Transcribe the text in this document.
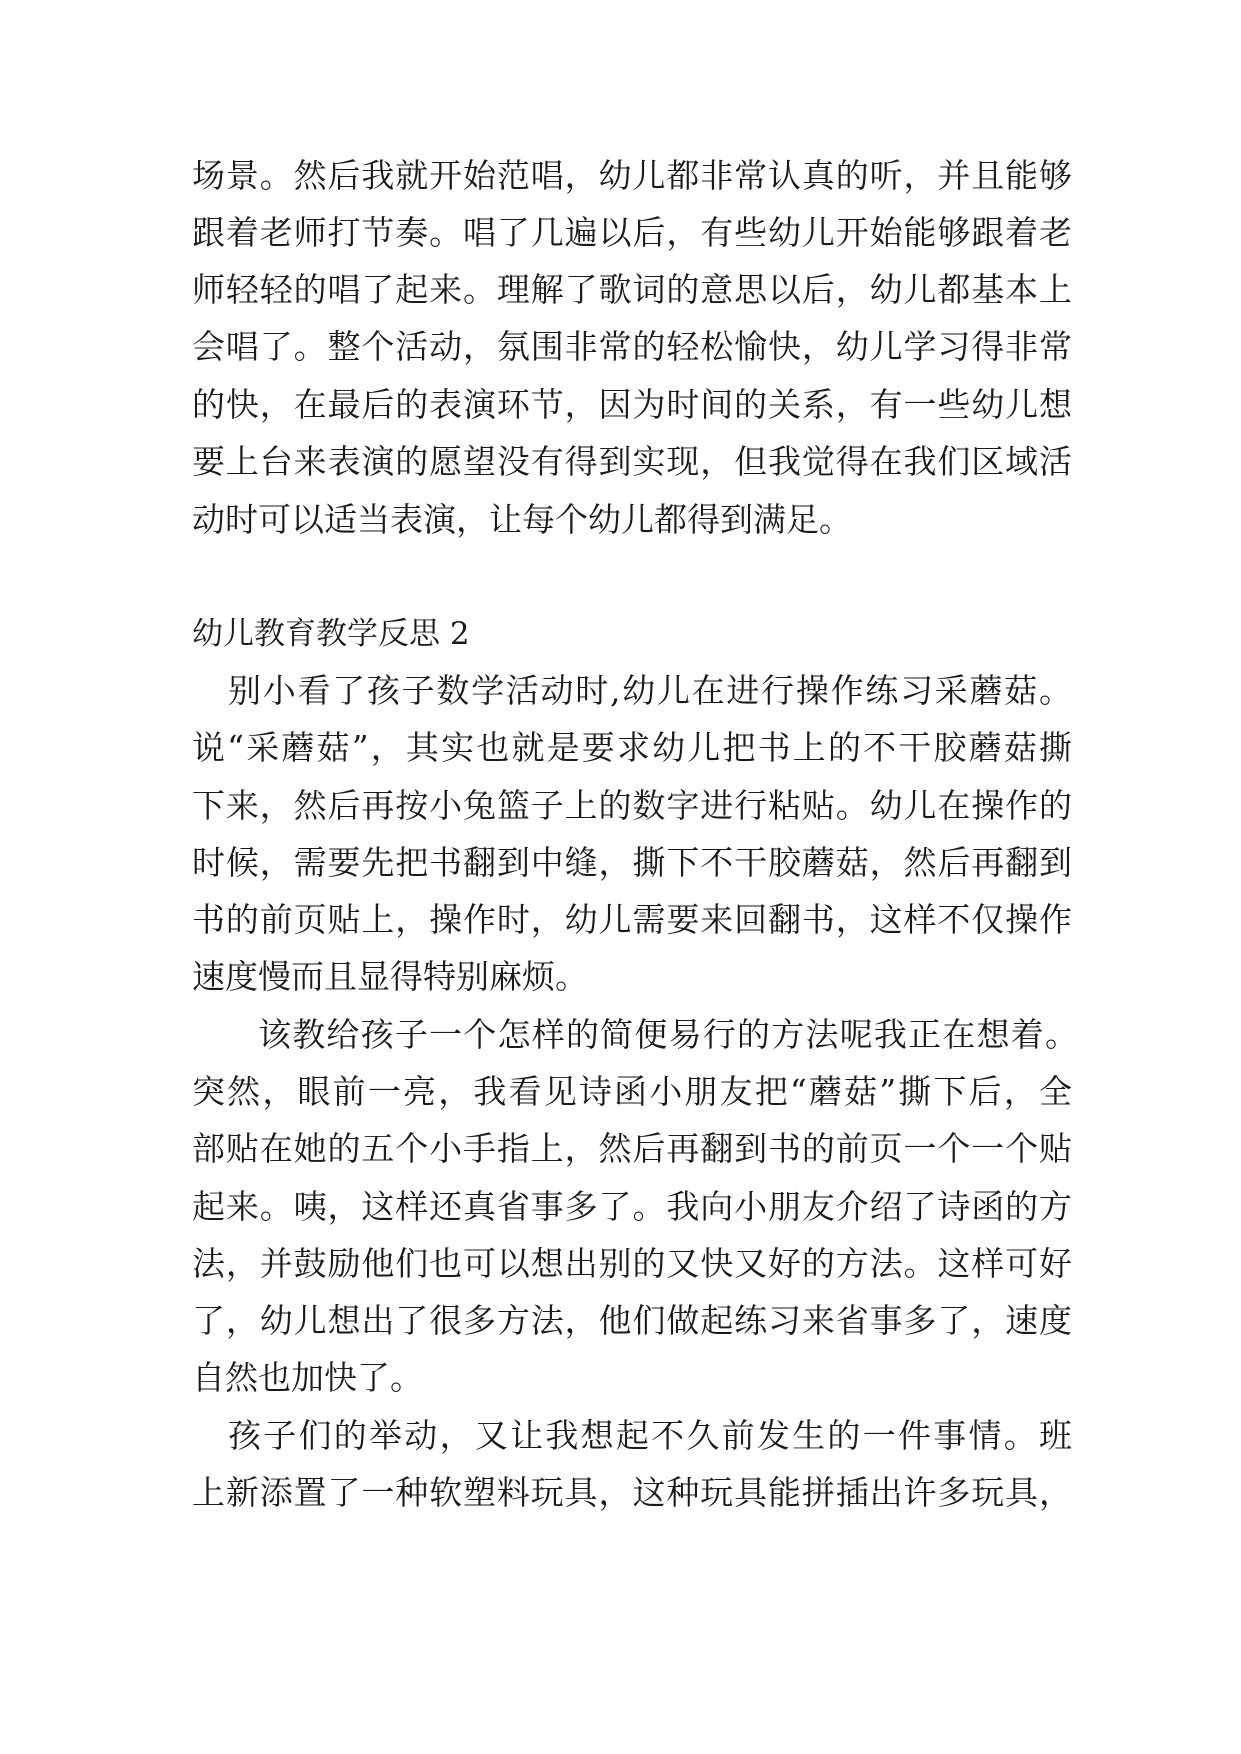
场景。然后我就开始范唱，幼儿都非常认真的听，并且能够
跟着老师打节奏。唱了几遍以后，有些幼儿开始能够跟着老
师轻轻的唱了起来。理解了歌词的意思以后，幼儿都基本上
会唱了。整个活动，氛围非常的轻松愉快，幼儿学习得非常
的快，在最后的表演环节，因为时间的关系，有一些幼儿想
要上台来表演的愿望没有得到实现，但我觉得在我们区域活
动时可以适当表演，让每个幼儿都得到满足。
幼儿教育教学反思 2
别小看了孩子数学活动时,幼儿在进行操作练习采蘑菇。
说“采蘑菇”，其实也就是要求幼儿把书上的不干胶蘑菇撕
下来，然后再按小兔篮子上的数字进行粘贴。幼儿在操作的
时候，需要先把书翻到中缝，撕下不干胶蘑菇，然后再翻到
书的前页贴上，操作时，幼儿需要来回翻书，这样不仅操作
速度慢而且显得特别麻烦。
该教给孩子一个怎样的简便易行的方法呢我正在想着。
突然，眼前一亮，我看见诗函小朋友把“蘑菇”撕下后，全
部贴在她的五个小手指上，然后再翻到书的前页一个一个贴
起来。咦，这样还真省事多了。我向小朋友介绍了诗函的方
法，并鼓励他们也可以想出别的又快又好的方法。这样可好
了，幼儿想出了很多方法，他们做起练习来省事多了，速度
自然也加快了。
孩子们的举动，又让我想起不久前发生的一件事情。班
上新添置了一种软塑料玩具，这种玩具能拼插出许多玩具，
